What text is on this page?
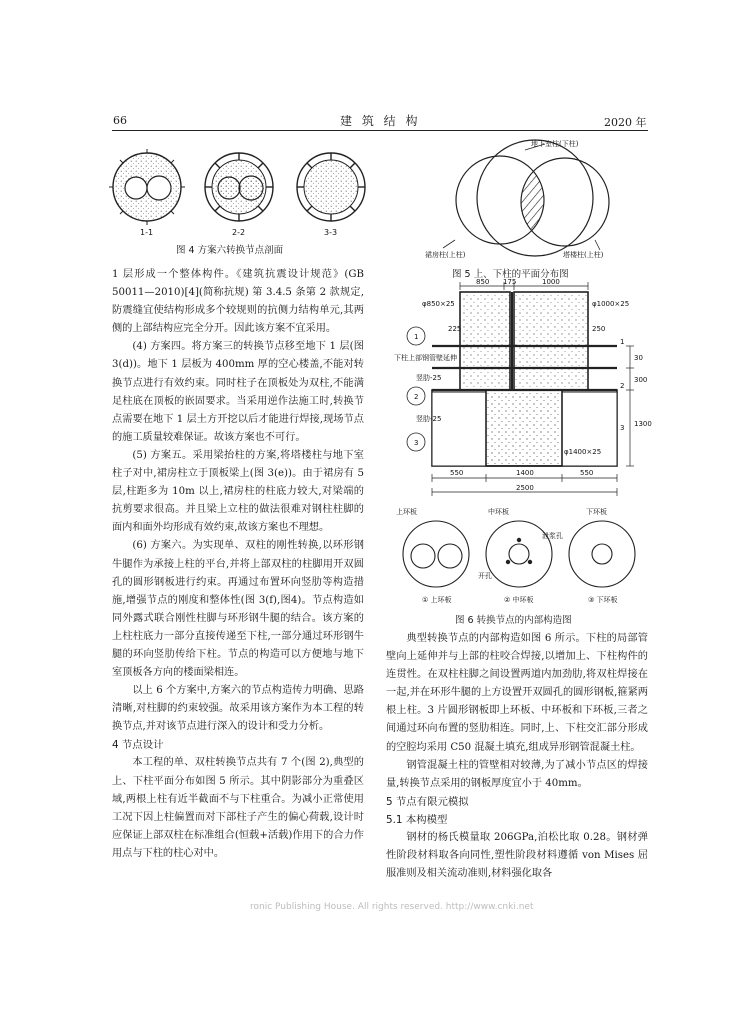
66	建 筑 结 构	2020 年
1-1	2-2	3-3
图 4 方案六转换节点剖面
地下室柱(下柱)
裙房柱(上柱)	塔楼柱(上柱)
图 5 上、下柱的平面分布图
850 175	1000
φ850×25	φ1000×25
225	250
下柱上部钢管壁延伸
竖肋-25
竖肋-25
φ1400×25
30
300
1300
1
2
3
550	1400	550
2500
上环板	中环板	下环板
泄浆孔
开孔
① 上环板	② 中环板	③ 下环板
1
2
3
图 6 转换节点的内部构造图

1 层形成一个整体构件。《建筑抗震设计规范》(GB 50011—2010)[4](简称抗规) 第 3.4.5 条第 2 款规定,防震缝宜使结构形成多个较规则的抗侧力结构单元,其两侧的上部结构应完全分开。因此该方案不宜采用。

(4) 方案四。将方案三的转换节点移至地下 1 层(图 3(d))。地下 1 层板为 400mm 厚的空心楼盖,不能对转换节点进行有效约束。同时柱子在顶板处为双柱,不能满足柱底在顶板的嵌固要求。当采用逆作法施工时,转换节点需要在地下 1 层土方开挖以后才能进行焊接,现场节点的施工质量较难保证。故该方案也不可行。

(5) 方案五。采用梁抬柱的方案,将塔楼柱与地下室柱子对中,裙房柱立于顶板梁上(图 3(e))。由于裙房有 5 层,柱距多为 10m 以上,裙房柱的柱底力较大,对梁端的抗剪要求很高。并且梁上立柱的做法很难对钢柱柱脚的面内和面外均形成有效约束,故该方案也不理想。

(6) 方案六。为实现单、双柱的刚性转换,以环形钢牛腿作为承接上柱的平台,并将上部双柱的柱脚用开双圆孔的圆形钢板进行约束。再通过布置环向竖肋等构造措施,增强节点的刚度和整体性(图 3(f),图4)。节点构造如同外露式联合刚性柱脚与环形钢牛腿的结合。该方案的上柱柱底力一部分直接传递至下柱,一部分通过环形钢牛腿的环向竖肋传给下柱。节点的构造可以方便地与地下室顶板各方向的楼面梁相连。

以上 6 个方案中,方案六的节点构造传力明确、思路清晰,对柱脚的约束较强。故采用该方案作为本工程的转换节点,并对该节点进行深入的设计和受力分析。

4 节点设计

本工程的单、双柱转换节点共有 7 个(图 2),典型的上、下柱平面分布如图 5 所示。其中阴影部分为重叠区域,两根上柱有近半截面不与下柱重合。为减小正常使用工况下因上柱偏置而对下部柱子产生的偏心荷载,设计时应保证上部双柱在标准组合(恒载+活载)作用下的合力作用点与下柱的柱心对中。

典型转换节点的内部构造如图 6 所示。下柱的局部管壁向上延伸并与上部的柱咬合焊接,以增加上、下柱构件的连贯性。在双柱柱脚之间设置两道内加劲肋,将双柱焊接在一起,并在环形牛腿的上方设置开双圆孔的圆形钢板,箍紧两根上柱。3 片圆形钢板即上环板、中环板和下环板,三者之间通过环向布置的竖肋相连。同时,上、下柱交汇部分形成的空腔均采用 C50 混凝土填充,组成异形钢管混凝土柱。

钢管混凝土柱的管壁相对较薄,为了减小节点区的焊接量,转换节点采用的钢板厚度宜小于 40mm。

5 节点有限元模拟

5.1 本构模型

钢材的杨氏模量取 206GPa,泊松比取 0.28。钢材弹性阶段材料取各向同性,塑性阶段材料遵循 von Mises 屈服准则及相关流动准则,材料强化取各

ronic Publishing House. All rights reserved. http://www.cnki.net
